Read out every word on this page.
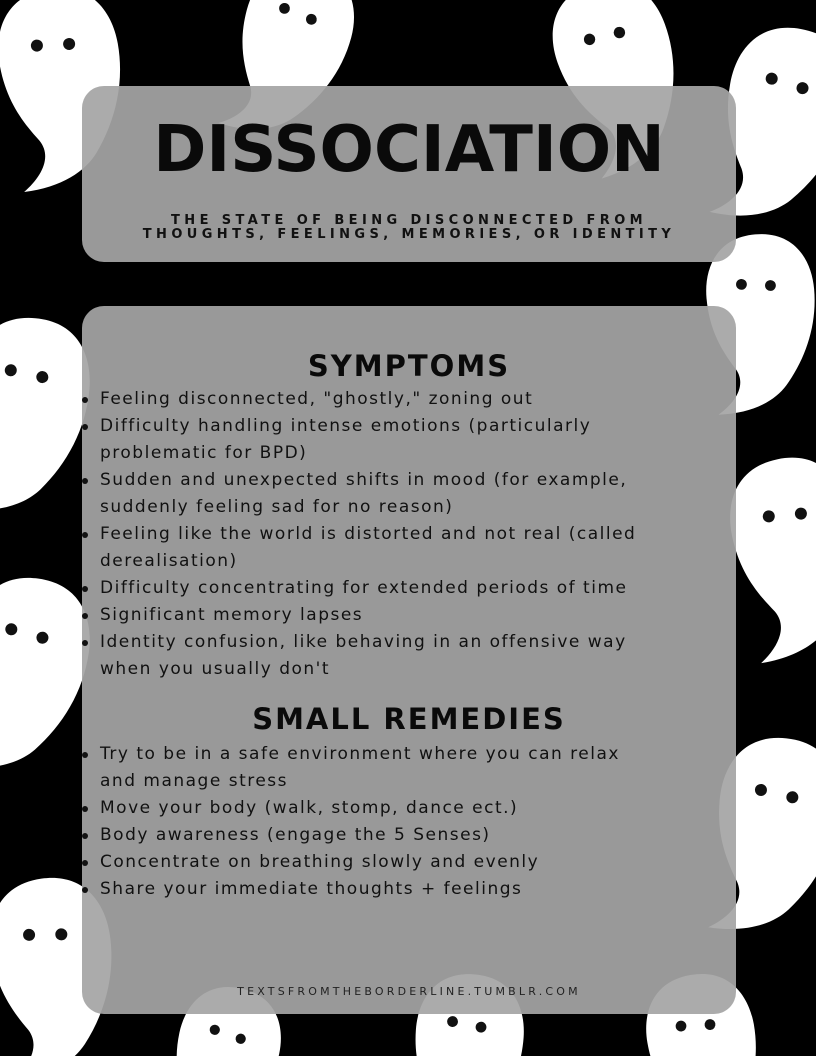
DISSOCIATION
THE STATE OF BEING DISCONNECTED FROM THOUGHTS, FEELINGS, MEMORIES, OR IDENTITY
SYMPTOMS
Feeling disconnected, "ghostly," zoning out
Difficulty handling intense emotions (particularly problematic for BPD)
Sudden and unexpected shifts in mood (for example, suddenly feeling sad for no reason)
Feeling like the world is distorted and not real (called derealisation)
Difficulty concentrating for extended periods of time
Significant memory lapses
Identity confusion, like behaving in an offensive way when you usually don't
SMALL REMEDIES
Try to be in a safe environment where you can relax and manage stress
Move your body (walk, stomp, dance ect.)
Body awareness (engage the 5 Senses)
Concentrate on breathing slowly and evenly
Share your immediate thoughts + feelings
TEXTSFROMTHEBORDERLINE.TUMBLR.COM
